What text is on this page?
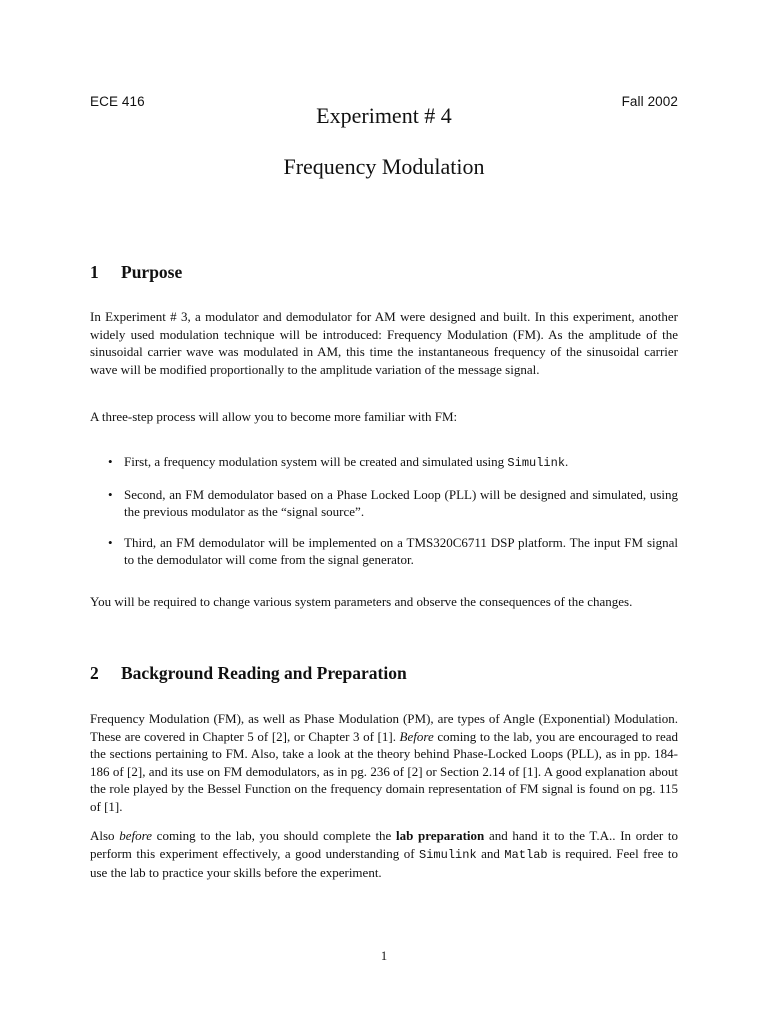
ECE 416	Fall 2002
Experiment # 4
Frequency Modulation
1 Purpose

In Experiment # 3, a modulator and demodulator for AM were designed and built. In this experiment, another widely used modulation technique will be introduced: Frequency Modulation (FM). As the amplitude of the sinusoidal carrier wave was modulated in AM, this time the instantaneous frequency of the sinusoidal carrier wave will be modified proportionally to the amplitude variation of the message signal.

A three-step process will allow you to become more familiar with FM:

• First, a frequency modulation system will be created and simulated using Simulink.
• Second, an FM demodulator based on a Phase Locked Loop (PLL) will be designed and simulated, using the previous modulator as the “signal source”.
• Third, an FM demodulator will be implemented on a TMS320C6711 DSP platform. The input FM signal to the demodulator will come from the signal generator.

You will be required to change various system parameters and observe the consequences of the changes.

2 Background Reading and Preparation

Frequency Modulation (FM), as well as Phase Modulation (PM), are types of Angle (Exponential) Modulation. These are covered in Chapter 5 of [2], or Chapter 3 of [1]. Before coming to the lab, you are encouraged to read the sections pertaining to FM. Also, take a look at the theory behind Phase-Locked Loops (PLL), as in pp. 184-186 of [2], and its use on FM demodulators, as in pg. 236 of [2] or Section 2.14 of [1]. A good explanation about the role played by the Bessel Function on the frequency domain representation of FM signal is found on pg. 115 of [1].

Also before coming to the lab, you should complete the lab preparation and hand it to the T.A.. In order to perform this experiment effectively, a good understanding of Simulink and Matlab is required. Feel free to use the lab to practice your skills before the experiment.

1
